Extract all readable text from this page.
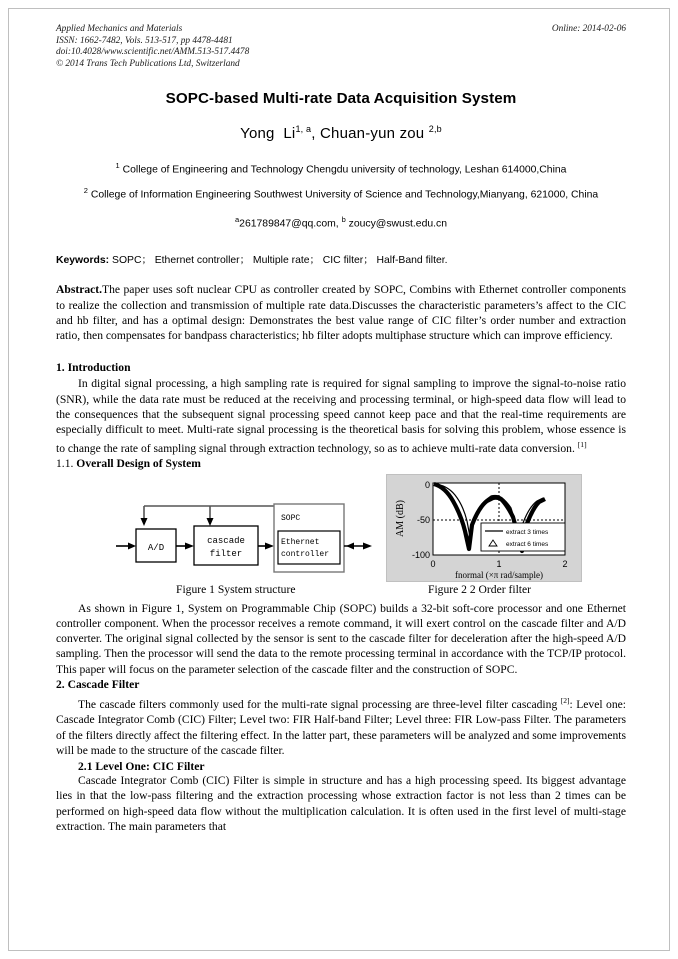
Applied Mechanics and Materials
ISSN: 1662-7482, Vols. 513-517, pp 4478-4481
doi:10.4028/www.scientific.net/AMM.513-517.4478
© 2014 Trans Tech Publications Ltd, Switzerland
Online: 2014-02-06
SOPC-based Multi-rate Data Acquisition System
Yong Li$^{1, a}$, Chuan-yun zou $^{2,b}$
$^1$ College of Engineering and Technology Chengdu university of technology, Leshan 614000,China
$^2$ College of Information Engineering Southwest University of Science and Technology,Mianyang, 621000, China
$^a$261789847@qq.com, $^b$ zoucy@swust.edu.cn
Keywords: SOPC； Ethernet controller； Multiple rate； CIC filter； Half-Band filter.
Abstract.The paper uses soft nuclear CPU as controller created by SOPC, Combins with Ethernet controller components to realize the collection and transmission of multiple rate data.Discusses the characteristic parameters’s affect to the CIC and hb filter, and has a optimal design: Demonstrates the best value range of CIC filter’s order number and extraction ratio, then compensates for bandpass characteristics; hb filter adopts multiphase structure which can improve efficiency.
1. Introduction

In digital signal processing, a high sampling rate is required for signal sampling to improve the signal-to-noise ratio (SNR), while the data rate must be reduced at the receiving and processing terminal, or high-speed data flow will lead to the consequences that the subsequent signal processing speed cannot keep pace and that the real-time requirements are especially difficult to meet. Multi-rate signal processing is the theoretical basis for solving this problem, whose essence is to change the rate of sampling signal through extraction technology, so as to achieve multi-rate data conversion. [1]

1.1. Overall Design of System
A/D
cascade
filter
SOPC
Ethernet
controller
AM (dB)
0
-50
-100
0	1	2
fnormal (×π rad/sample)
extract 3 times
extract 6 times
Figure 1 System structure	Figure 2 2 Order filter

As shown in Figure 1, System on Programmable Chip (SOPC) builds a 32-bit soft-core processor and one Ethernet controller component. When the processor receives a remote command, it will exert control on the cascade filter and A/D converter. The original signal collected by the sensor is sent to the cascade filter for deceleration after the high-speed A/D sampling. Then the processor will send the data to the remote processing terminal in accordance with the TCP/IP protocol. This paper will focus on the parameter selection of the cascade filter and the construction of SOPC.

2. Cascade Filter

The cascade filters commonly used for the multi-rate signal processing are three-level filter cascading [2]: Level one: Cascade Integrator Comb (CIC) Filter; Level two: FIR Half-band Filter; Level three: FIR Low-pass Filter. The parameters of the filters directly affect the filtering effect. In the latter part, these parameters will be analyzed and some improvements will be made to the structure of the cascade filter.

2.1 Level One: CIC Filter

Cascade Integrator Comb (CIC) Filter is simple in structure and has a high processing speed. Its biggest advantage lies in that the low-pass filtering and the extraction processing whose extraction factor is not less than 2 times can be performed on high-speed data flow without the multiplication calculation. It is often used in the first level of multi-stage extraction. The main parameters that
